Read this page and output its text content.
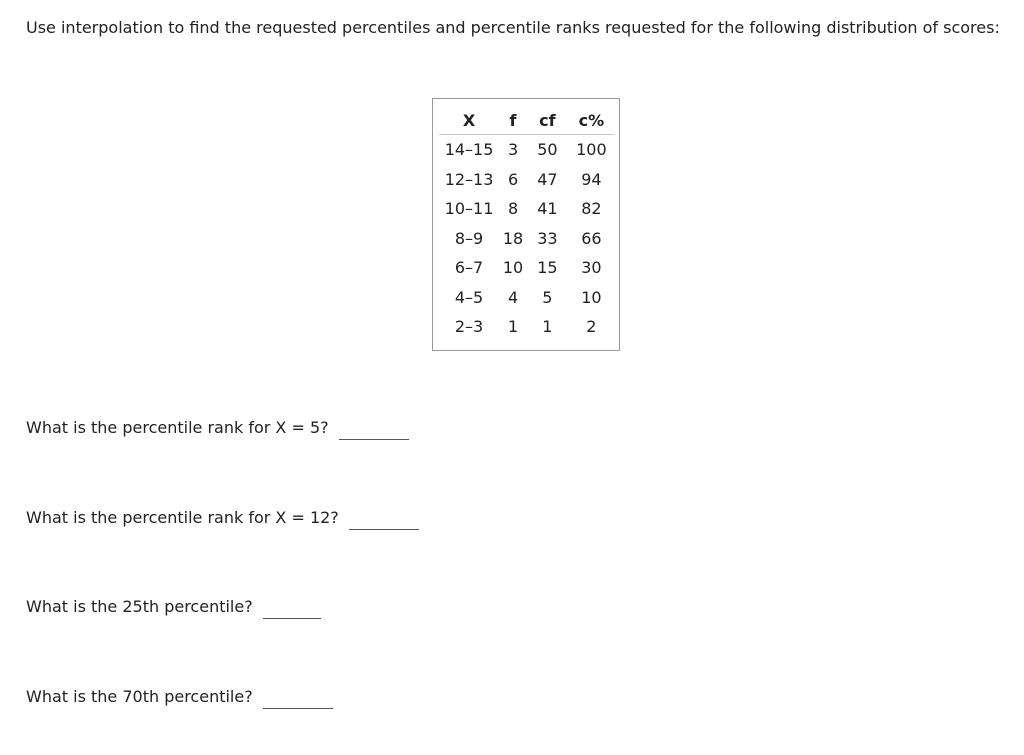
Use interpolation to find the requested percentiles and percentile ranks requested for the following distribution of scores:

X	f	cf	c%
14–15	3	50	100
12–13	6	47	94
10–11	8	41	82
8–9	18	33	66
6–7	10	15	30
4–5	4	5	10
2–3	1	1	2
What is the percentile rank for X = 5?
What is the percentile rank for X = 12?
What is the 25th percentile?
What is the 70th percentile?
